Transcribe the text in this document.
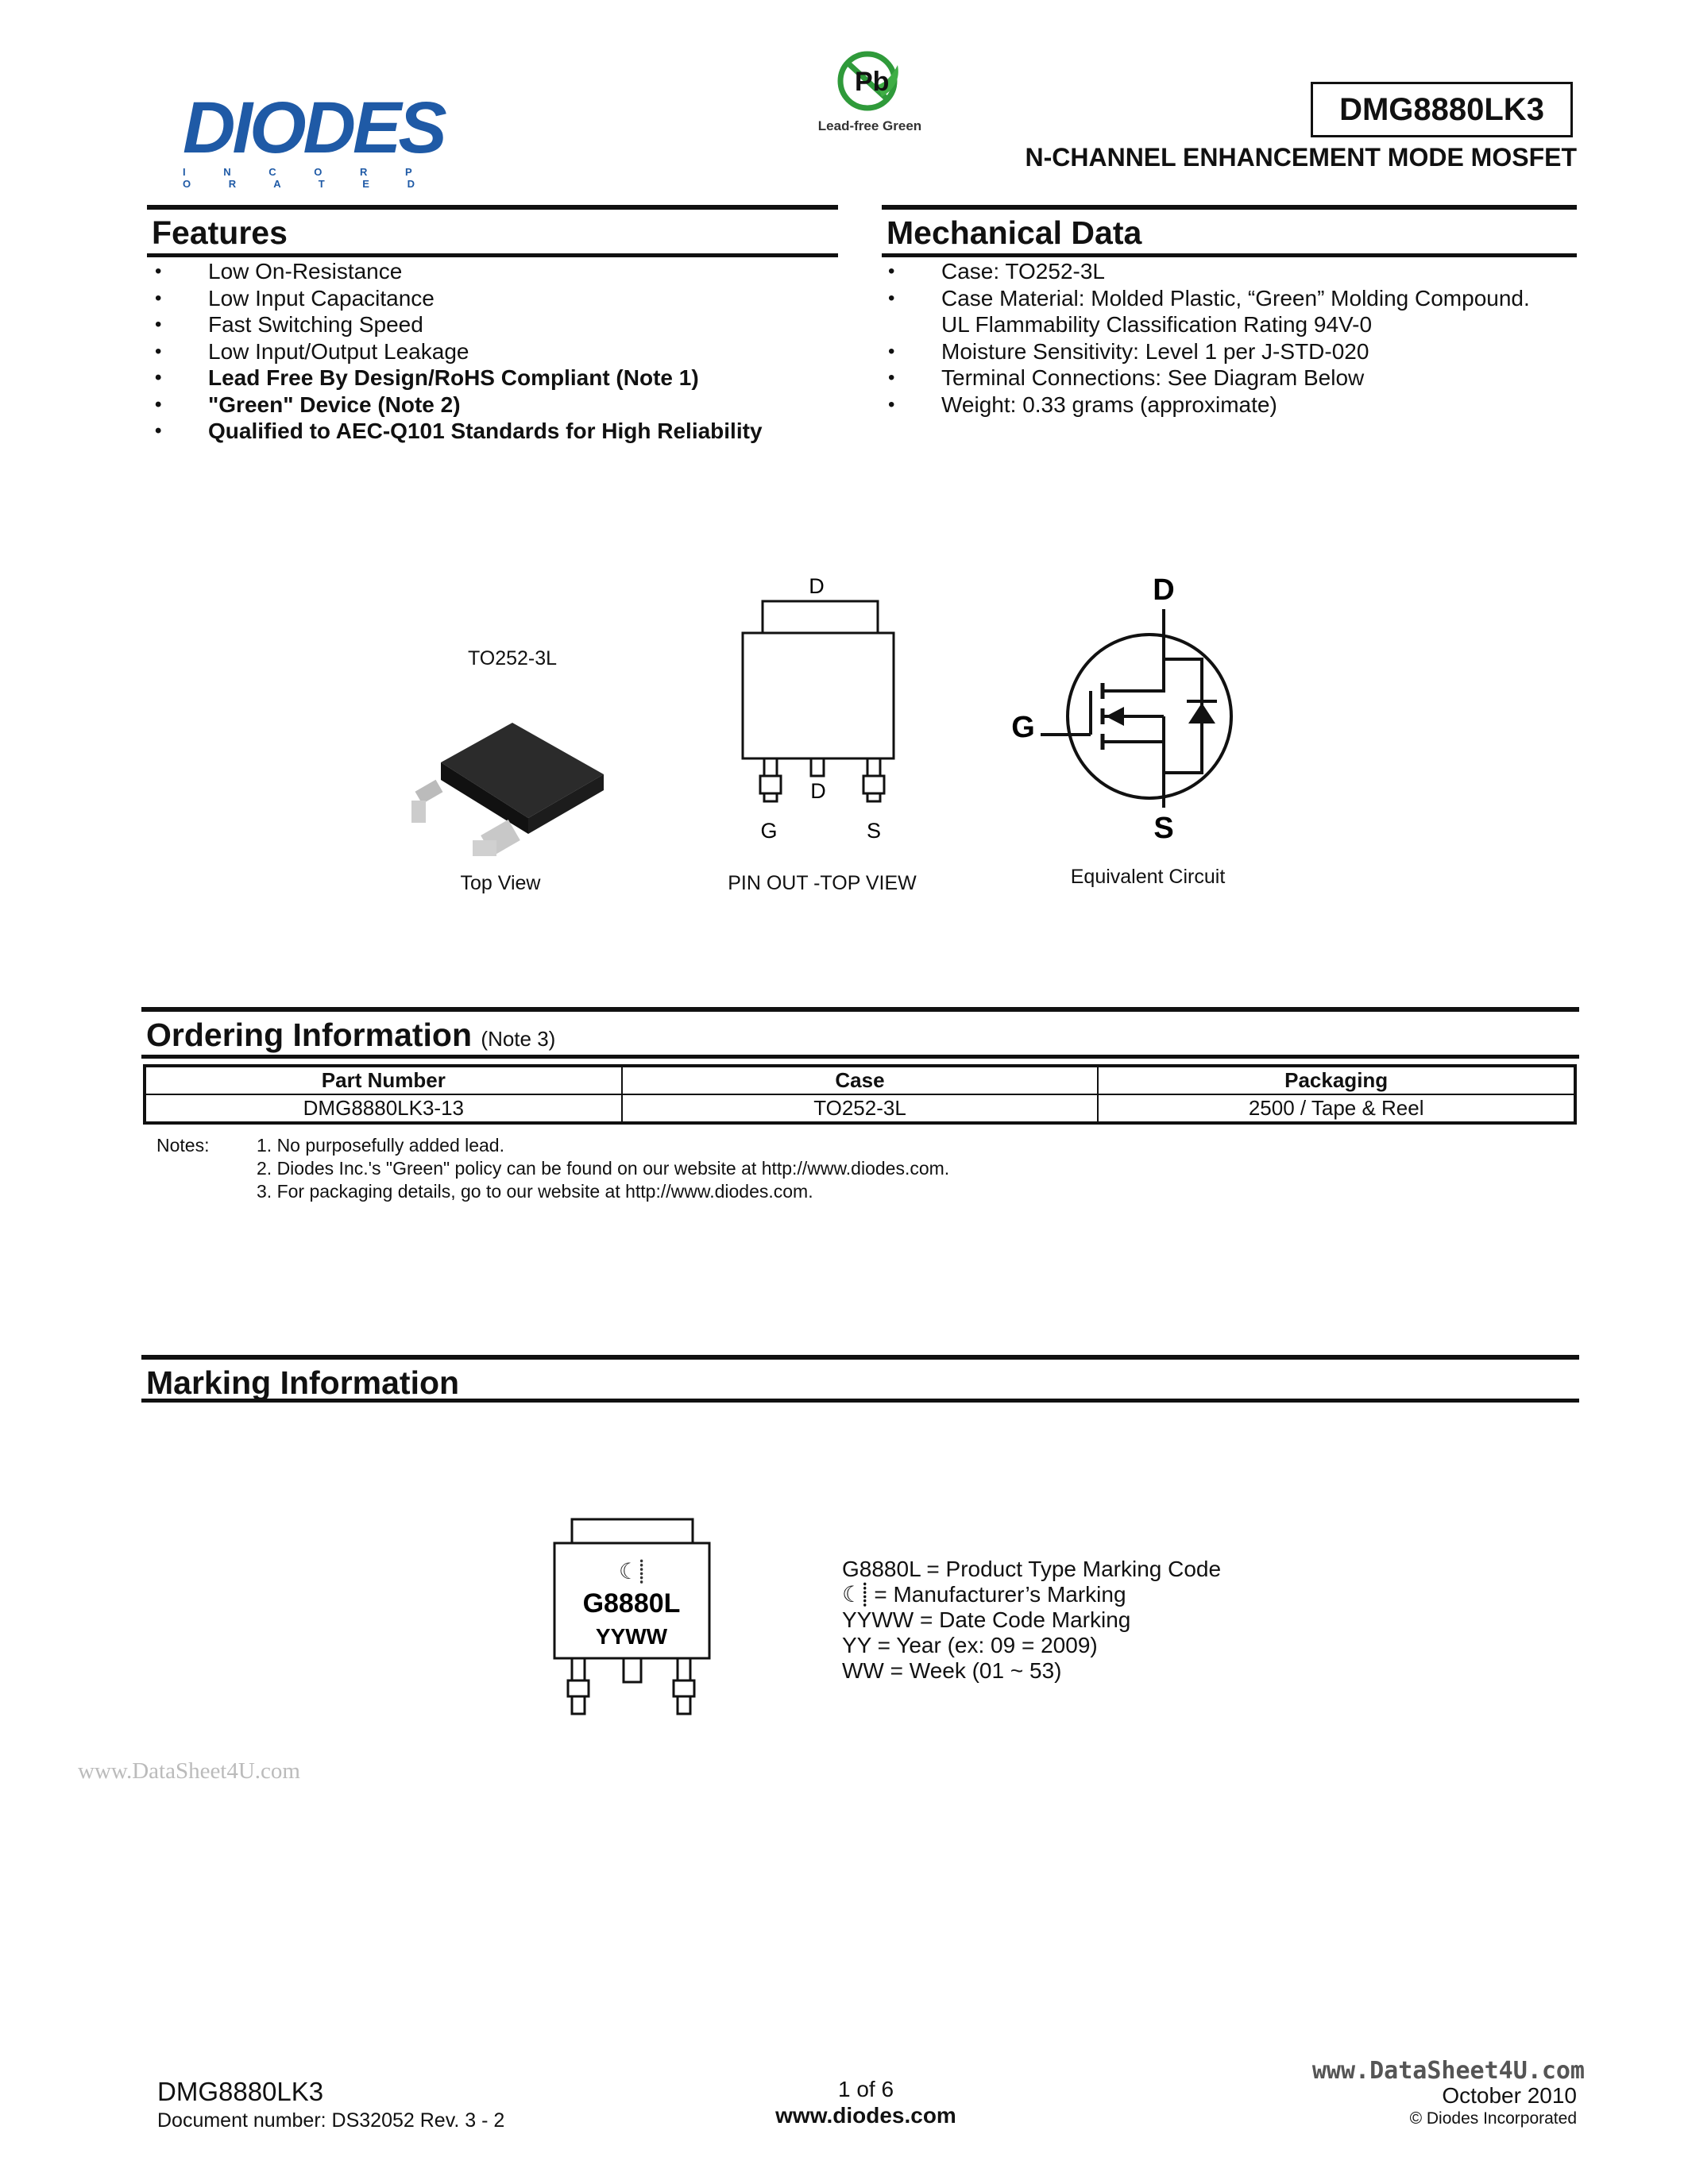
DIODES
I N C O R P O R A T E D
Pb
Lead-free Green	DMG8880LK3
N-CHANNEL ENHANCEMENT MODE MOSFET
Features
• Low On-Resistance
• Low Input Capacitance
• Fast Switching Speed
• Low Input/Output Leakage
• Lead Free By Design/RoHS Compliant (Note 1)
• "Green" Device (Note 2)
• Qualified to AEC-Q101 Standards for High Reliability
Mechanical Data
• Case: TO252-3L
• Case Material: Molded Plastic, “Green” Molding Compound.
UL Flammability Classification Rating 94V-0
• Moisture Sensitivity: Level 1 per J-STD-020
• Terminal Connections: See Diagram Below
• Weight: 0.33 grams (approximate)
TO252-3L
Top View
D
D
G	S
PIN OUT -TOP VIEW
D
G
S
Equivalent Circuit
Ordering Information (Note 3)
Part Number	Case	Packaging
DMG8880LK3-13	TO252-3L	2500 / Tape & Reel
Notes:	1. No purposefully added lead.
2. Diodes Inc.'s "Green" policy can be found on our website at http://www.diodes.com.
3. For packaging details, go to our website at http://www.diodes.com.
Marking Information
☾⸽
G8880L
YYWW
G8880L = Product Type Marking Code
☾⸽ = Manufacturer’s Marking
YYWW = Date Code Marking
YY = Year (ex: 09 = 2009)
WW = Week (01 ~ 53)
www.DataSheet4U.com
DMG8880LK3
Document number: DS32052 Rev. 3 - 2
1 of 6
www.diodes.com
www.DataSheet4U.com
October 2010
© Diodes Incorporated
